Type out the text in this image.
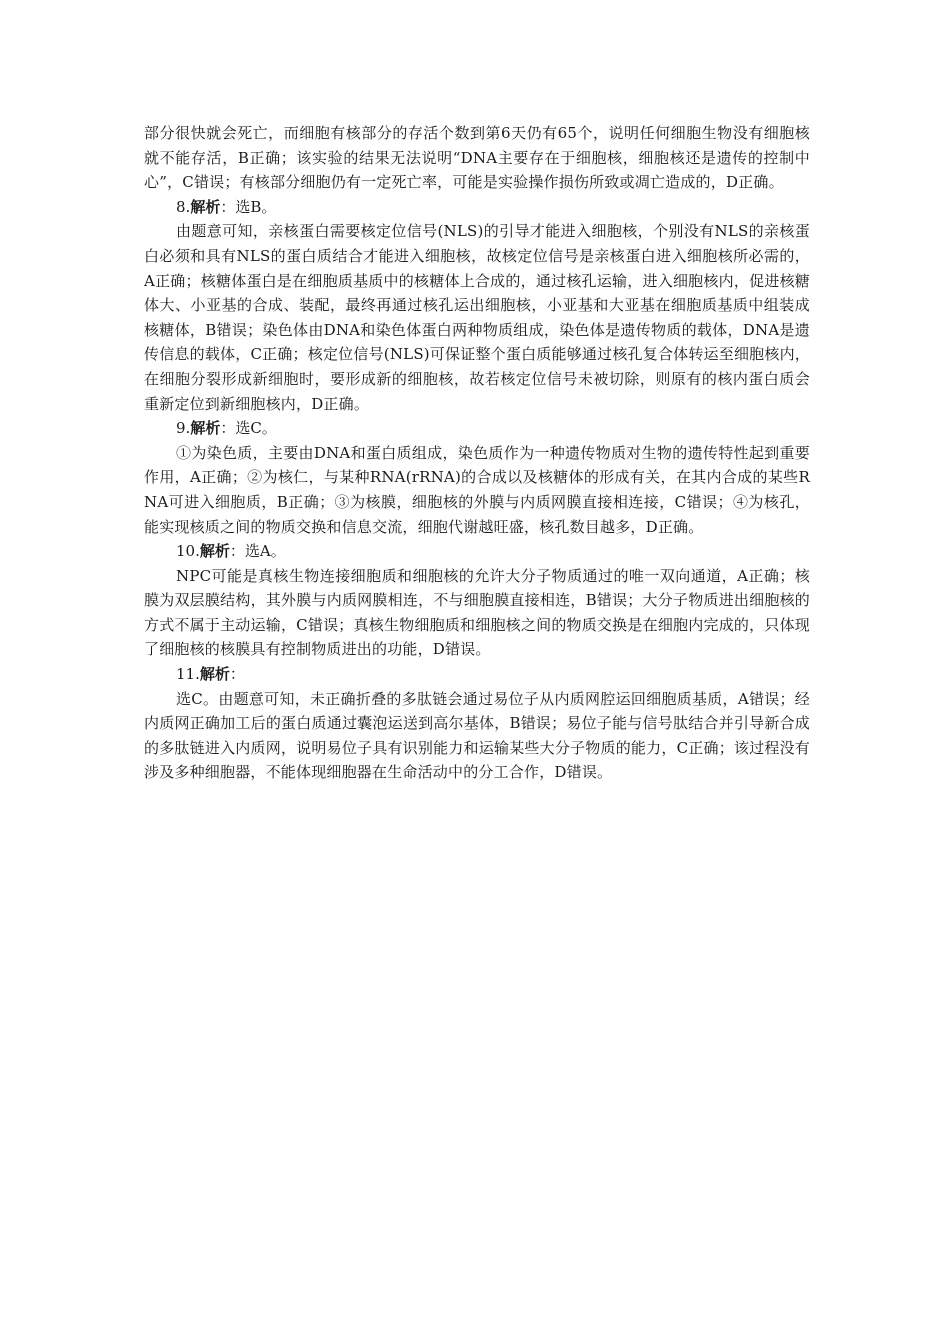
部分很快就会死亡，而细胞有核部分的存活个数到第6天仍有65个，说明任何细胞生物没有细胞核就不能存活，B正确；该实验的结果无法说明“DNA主要存在于细胞核，细胞核还是遗传的控制中心”，C错误；有核部分细胞仍有一定死亡率，可能是实验操作损伤所致或凋亡造成的，D正确。

8.解析：选B。

由题意可知，亲核蛋白需要核定位信号(NLS)的引导才能进入细胞核，个别没有NLS的亲核蛋白必须和具有NLS的蛋白质结合才能进入细胞核，故核定位信号是亲核蛋白进入细胞核所必需的，A正确；核糖体蛋白是在细胞质基质中的核糖体上合成的，通过核孔运输，进入细胞核内，促进核糖体大、小亚基的合成、装配，最终再通过核孔运出细胞核，小亚基和大亚基在细胞质基质中组装成核糖体，B错误；染色体由DNA和染色体蛋白两种物质组成，染色体是遗传物质的载体，DNA是遗传信息的载体，C正确；核定位信号(NLS)可保证整个蛋白质能够通过核孔复合体转运至细胞核内，在细胞分裂形成新细胞时，要形成新的细胞核，故若核定位信号未被切除，则原有的核内蛋白质会重新定位到新细胞核内，D正确。

9.解析：选C。

①为染色质，主要由DNA和蛋白质组成，染色质作为一种遗传物质对生物的遗传特性起到重要作用，A正确；②为核仁，与某种RNA(rRNA)的合成以及核糖体的形成有关，在其内合成的某些RNA可进入细胞质，B正确；③为核膜，细胞核的外膜与内质网膜直接相连接，C错误；④为核孔，能实现核质之间的物质交换和信息交流，细胞代谢越旺盛，核孔数目越多，D正确。

10.解析：选A。

NPC可能是真核生物连接细胞质和细胞核的允许大分子物质通过的唯一双向通道，A正确；核膜为双层膜结构，其外膜与内质网膜相连，不与细胞膜直接相连，B错误；大分子物质进出细胞核的方式不属于主动运输，C错误；真核生物细胞质和细胞核之间的物质交换是在细胞内完成的，只体现了细胞核的核膜具有控制物质进出的功能，D错误。

11.解析：

选C。由题意可知，未正确折叠的多肽链会通过易位子从内质网腔运回细胞质基质，A错误；经内质网正确加工后的蛋白质通过囊泡运送到高尔基体，B错误；易位子能与信号肽结合并引导新合成的多肽链进入内质网，说明易位子具有识别能力和运输某些大分子物质的能力，C正确；该过程没有涉及多种细胞器，不能体现细胞器在生命活动中的分工合作，D错误。
